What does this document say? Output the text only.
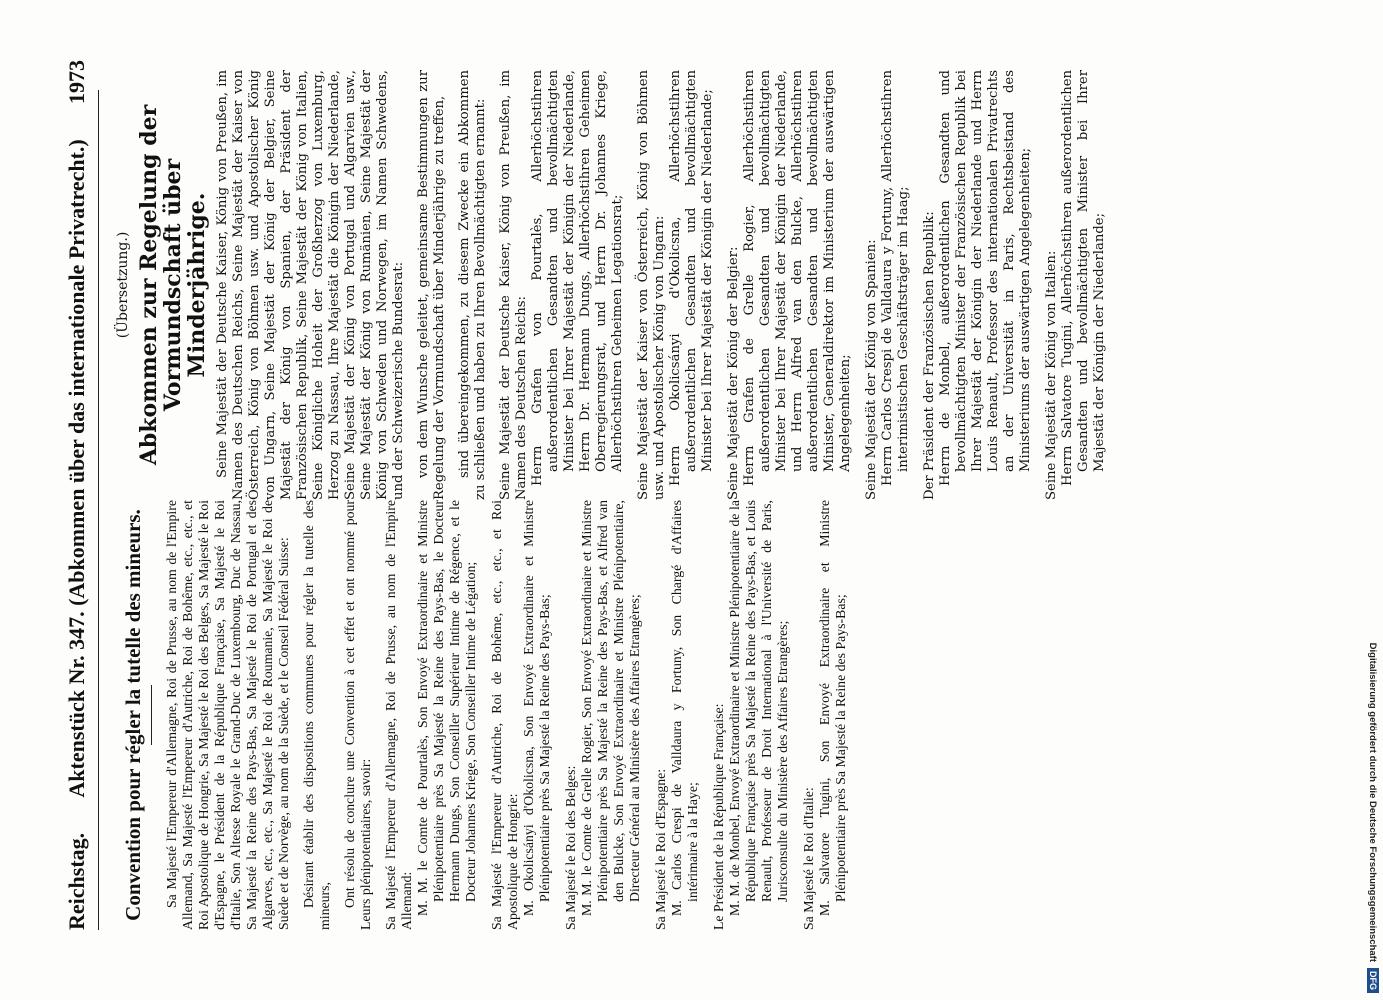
Reichstag.
Aktenstück Nr. 347. (Abkommen über das internationale Privatrecht.)
1973
Convention pour régler la tutelle des mineurs. Sa Majesté l'Empereur d'Allemagne, Roi de Prusse, au nom de l'Empire Allemand, Sa Majesté l'Empereur d'Autriche, Roi de Bohême, etc., etc., et Roi Apostolique de Hongrie, Sa Majesté le Roi des Belges, Sa Majesté le Roi d'Espagne, le Président de la République Française, Sa Majesté le Roi d'Italie, Son Altesse Royale le Grand-Duc de Luxembourg, Duc de Nassau, Sa Majesté la Reine des Pays-Bas, Sa Majesté le Roi de Portugal et des Algarves, etc., etc., Sa Majesté le Roi de Roumanie, Sa Majesté le Roi de Suède et de Norvège, au nom de la Suède, et le Conseil Fédéral Suisse: Désirant établir des dispositions communes pour régler la tutelle des mineurs, Ont résolu de conclure une Convention à cet effet et ont nommé pour Leurs plénipotentiaires, savoir: Sa Majesté l'Empereur d'Allemagne, Roi de Prusse, au nom de l'Empire Allemand: M. M. le Comte de Pourtalès, Son Envoyé Extraordinaire et Ministre Plénipotentiaire près Sa Majesté la Reine des Pays-Bas, le Docteur Hermann Dungs, Son Conseiller Supérieur Intime de Régence, et le Docteur Johannes Kriege, Son Conseiller Intime de Légation; Sa Majesté l'Empereur d'Autriche, Roi de Bohême, etc., etc., et Roi Apostolique de Hongrie: M. Okolicsányi d'Okolicsna, Son Envoyé Extraordinaire et Ministre Plénipotentiaire près Sa Majesté la Reine des Pays-Bas; Sa Majesté le Roi des Belges: M. M. le Comte de Grelle Rogier, Son Envoyé Extraordinaire et Ministre Plénipotentiaire près Sa Majesté la Reine des Pays-Bas, et Alfred van den Bulcke, Son Envoyé Extraordinaire et Ministre Plénipotentiaire, Directeur Général au Ministère des Affaires Etrangères; Sa Majesté le Roi d'Espagne: M. Carlos Crespi de Valldaura y Fortuny, Son Chargé d'Affaires intérimaire à la Haye; Le Président de la République Française: M. M. de Monbel, Envoyé Extraordinaire et Ministre Plénipotentiaire de la République Française près Sa Majesté la Reine des Pays-Bas, et Louis Renault, Professeur de Droit International à l'Université de Paris, Jurisconsulte du Ministère des Affaires Etrangères; Sa Majesté le Roi d'Italie: M. Salvatore Tugini, Son Envoyé Extraordinaire et Ministre Plénipotentiaire près Sa Majesté la Reine des Pays-Bas;
(Übersetzung.) Abkommen zur Regelung der Vormundschaft über Minderjährige. Seine Majestät der Deutsche Kaiser, König von Preußen, im Namen des Deutschen Reichs, Seine Majestät der Kaiser von Österreich, König von Böhmen usw. und Apostolischer König von Ungarn, Seine Majestät der König der Belgier, Seine Majestät der König von Spanien, der Präsident der Französischen Republik, Seine Majestät der König von Italien, Seine Königliche Hoheit der Großherzog von Luxemburg, Herzog zu Nassau, Ihre Majestät die Königin der Niederlande, Seine Majestät der König von Portugal und Algarvien usw., Seine Majestät der König von Rumänien, Seine Majestät der König von Schweden und Norwegen, im Namen Schwedens, und der Schweizerische Bundesrat: von dem Wunsche geleitet, gemeinsame Bestimmungen zur Regelung der Vormundschaft über Minderjährige zu treffen, sind übereingekommen, zu diesem Zwecke ein Abkommen zu schließen und haben zu Ihren Bevollmächtigten ernannt: Seine Majestät der Deutsche Kaiser, König von Preußen, im Namen des Deutschen Reichs: Herrn Grafen von Pourtalès, Allerhöchstihren außerordentlichen Gesandten und bevollmächtigten Minister bei Ihrer Majestät der Königin der Niederlande, Herrn Dr. Hermann Dungs, Allerhöchstihren Geheimen Oberregierungsrat, und Herrn Dr. Johannes Kriege, Allerhöchstihren Geheimen Legationsrat; Seine Majestät der Kaiser von Österreich, König von Böhmen usw. und Apostolischer König von Ungarn: Herrn Okolicsányi d'Okolicsna, Allerhöchstihren außerordentlichen Gesandten und bevollmächtigten Minister bei Ihrer Majestät der Königin der Niederlande; Seine Majestät der König der Belgier: Herrn Grafen de Grelle Rogier, Allerhöchstihren außerordentlichen Gesandten und bevollmächtigten Minister bei Ihrer Majestät der Königin der Niederlande, und Herrn Alfred van den Bulcke, Allerhöchstihren außerordentlichen Gesandten und bevollmächtigten Minister, Generaldirektor im Ministerium der auswärtigen Angelegenheiten; Seine Majestät der König von Spanien: Herrn Carlos Crespi de Valldaura y Fortuny, Allerhöchstihren interimistischen Geschäftsträger im Haag; Der Präsident der Französischen Republik: Herrn de Monbel, außerordentlichen Gesandten und bevollmächtigten Minister der Französischen Republik bei Ihrer Majestät der Königin der Niederlande und Herrn Louis Renault, Professor des internationalen Privatrechts an der Universität in Paris, Rechtsbeistand des Ministeriums der auswärtigen Angelegenheiten; Seine Majestät der König von Italien: Herrn Salvatore Tugini, Allerhöchstihren außerordentlichen Gesandten und bevollmächtigten Minister bei Ihrer Majestät der Königin der Niederlande;
Digitalisierung gefördert durch die Deutsche Forschungsgemeinschaft
DFG
